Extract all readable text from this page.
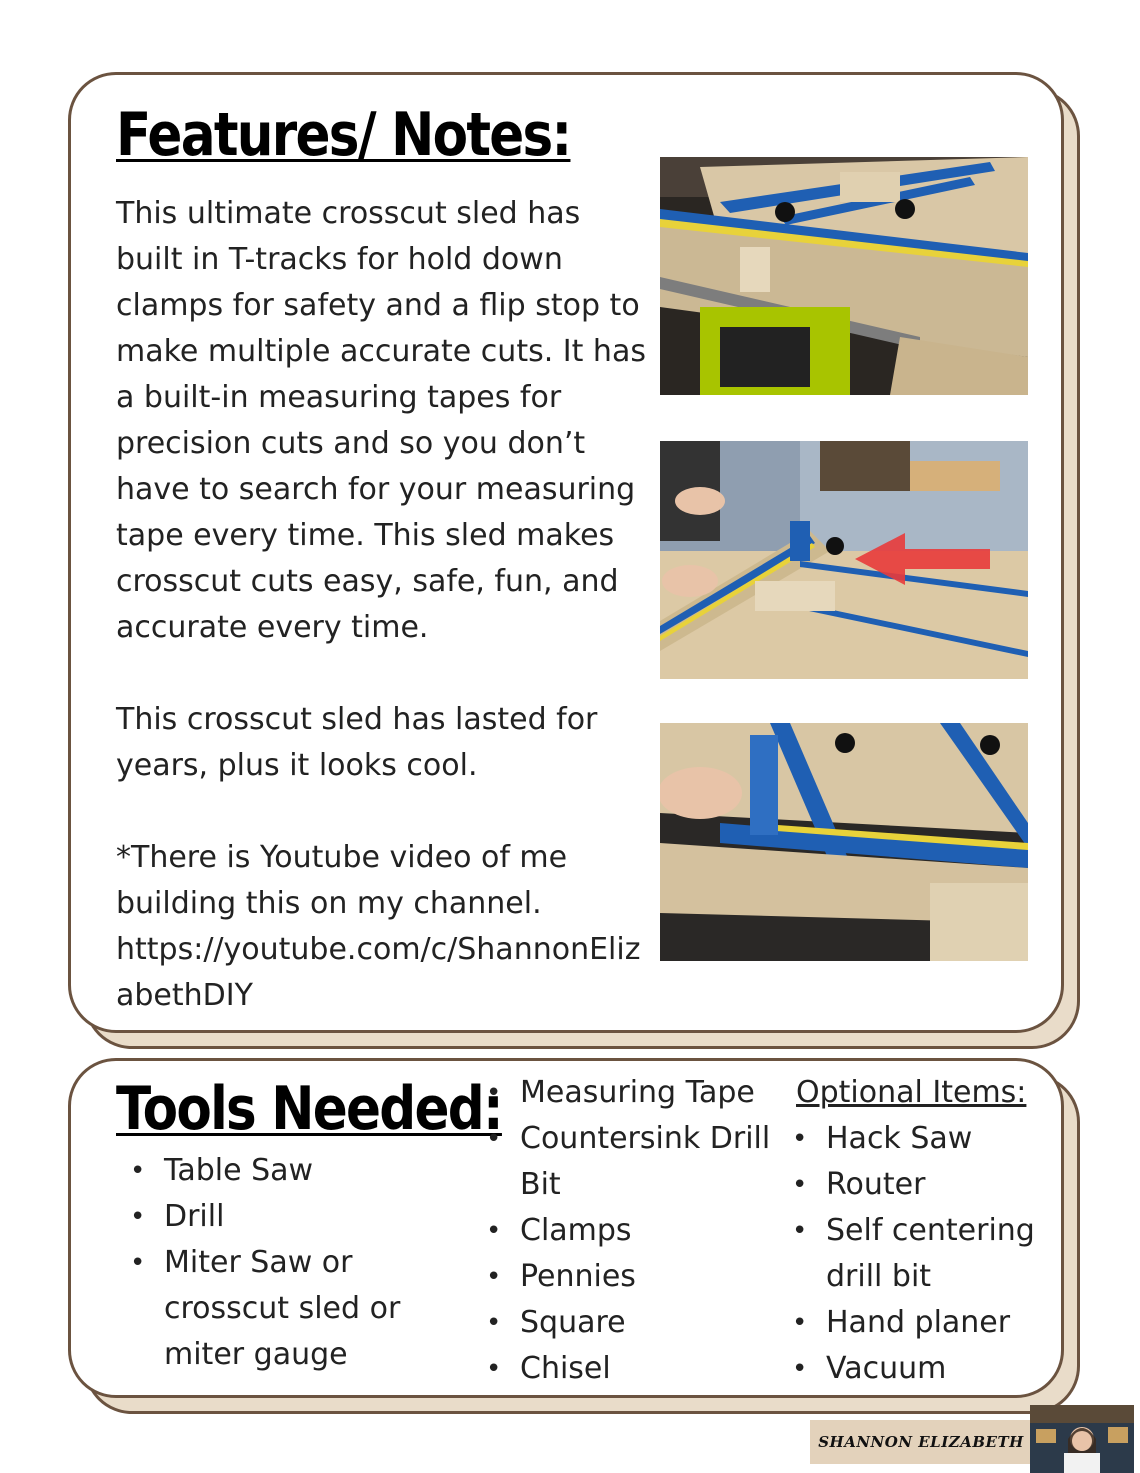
Features/ Notes:

This ultimate crosscut sled has built in T-tracks for hold down clamps for safety and a flip stop to make multiple accurate cuts. It has a built-in measuring tapes for precision cuts and so you don’t have to search for your measuring tape every time. This sled makes crosscut cuts easy, safe, fun, and accurate every time.

This crosscut sled has lasted for years, plus it looks cool.

*There is Youtube video of me building this on my channel.

https://youtube.com/c/ShannonElizabethDIY

Tools Needed:
• Table Saw
• Drill
• Miter Saw or crosscut sled or miter gauge
• Measuring Tape
• Countersink Drill Bit
• Clamps
• Pennies
• Square
• Chisel

Optional Items:

• Hack Saw
• Router
• Self centering drill bit
• Hand planer
• Vacuum
SHANNON ELIZABETH
